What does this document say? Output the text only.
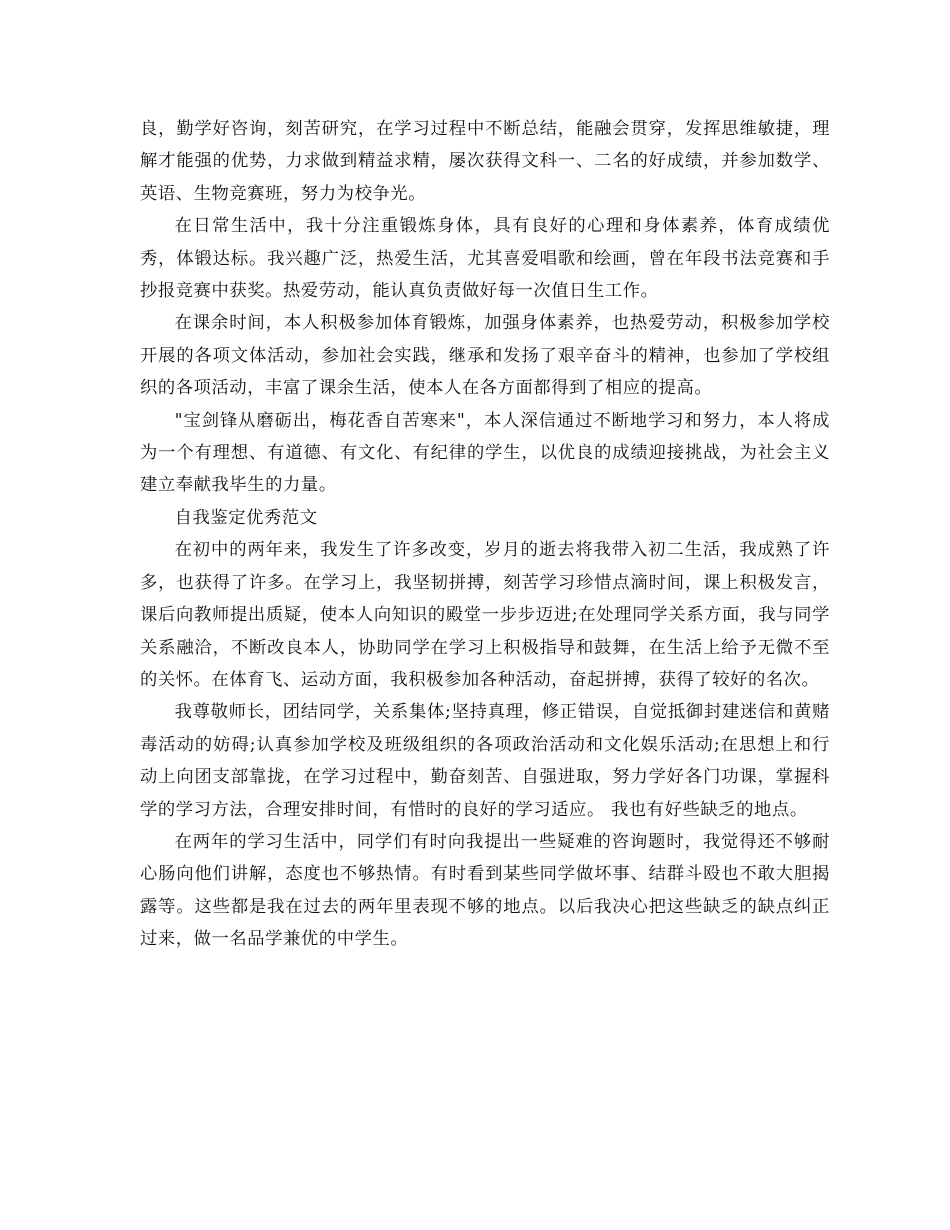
良，勤学好咨询，刻苦研究，在学习过程中不断总结，能融会贯穿，发挥思维敏捷，理解才能强的优势，力求做到精益求精，屡次获得文科一、二名的好成绩，并参加数学、英语、生物竞赛班，努力为校争光。

在日常生活中，我十分注重锻炼身体，具有良好的心理和身体素养，体育成绩优秀，体锻达标。我兴趣广泛，热爱生活，尤其喜爱唱歌和绘画，曾在年段书法竞赛和手抄报竞赛中获奖。热爱劳动，能认真负责做好每一次值日生工作。

在课余时间，本人积极参加体育锻炼，加强身体素养，也热爱劳动，积极参加学校开展的各项文体活动，参加社会实践，继承和发扬了艰辛奋斗的精神，也参加了学校组织的各项活动，丰富了课余生活，使本人在各方面都得到了相应的提高。

"宝剑锋从磨砺出，梅花香自苦寒来"，本人深信通过不断地学习和努力，本人将成为一个有理想、有道德、有文化、有纪律的学生，以优良的成绩迎接挑战，为社会主义建立奉献我毕生的力量。

自我鉴定优秀范文

在初中的两年来，我发生了许多改变，岁月的逝去将我带入初二生活，我成熟了许多，也获得了许多。在学习上，我坚韧拼搏，刻苦学习珍惜点滴时间，课上积极发言，课后向教师提出质疑，使本人向知识的殿堂一步步迈进;在处理同学关系方面，我与同学关系融洽，不断改良本人，协助同学在学习上积极指导和鼓舞，在生活上给予无微不至的关怀。在体育飞、运动方面，我积极参加各种活动，奋起拼搏，获得了较好的名次。

我尊敬师长，团结同学，关系集体;坚持真理，修正错误，自觉抵御封建迷信和黄赌毒活动的妨碍;认真参加学校及班级组织的各项政治活动和文化娱乐活动;在思想上和行动上向团支部靠拢，在学习过程中，勤奋刻苦、自强进取，努力学好各门功课，掌握科学的学习方法，合理安排时间，有惜时的良好的学习适应。 我也有好些缺乏的地点。

在两年的学习生活中，同学们有时向我提出一些疑难的咨询题时，我觉得还不够耐心肠向他们讲解，态度也不够热情。有时看到某些同学做坏事、结群斗殴也不敢大胆揭露等。这些都是我在过去的两年里表现不够的地点。以后我决心把这些缺乏的缺点纠正过来，做一名品学兼优的中学生。
